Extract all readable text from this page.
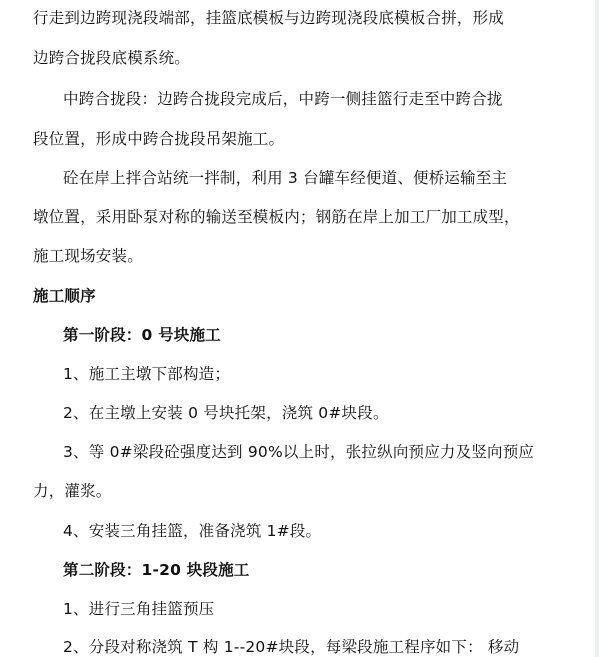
行走到边跨现浇段端部，挂篮底模板与边跨现浇段底模板合拼，形成
边跨合拢段底模系统。
中跨合拢段：边跨合拢段完成后，中跨一侧挂篮行走至中跨合拢
段位置，形成中跨合拢段吊架施工。
砼在岸上拌合站统一拌制，利用 3 台罐车经便道、便桥运输至主
墩位置，采用卧泵对称的输送至模板内；钢筋在岸上加工厂加工成型，
施工现场安装。
施工顺序
第一阶段：0 号块施工
1、施工主墩下部构造；
2、在主墩上安装 0 号块托架，浇筑 0#块段。
3、等 0#梁段砼强度达到 90%以上时，张拉纵向预应力及竖向预应
力，灌浆。
4、安装三角挂篮，准备浇筑 1#段。
第二阶段：1-20 块段施工
1、进行三角挂篮预压
2、分段对称浇筑 T 构 1--20#块段，每梁段施工程序如下： 移动
